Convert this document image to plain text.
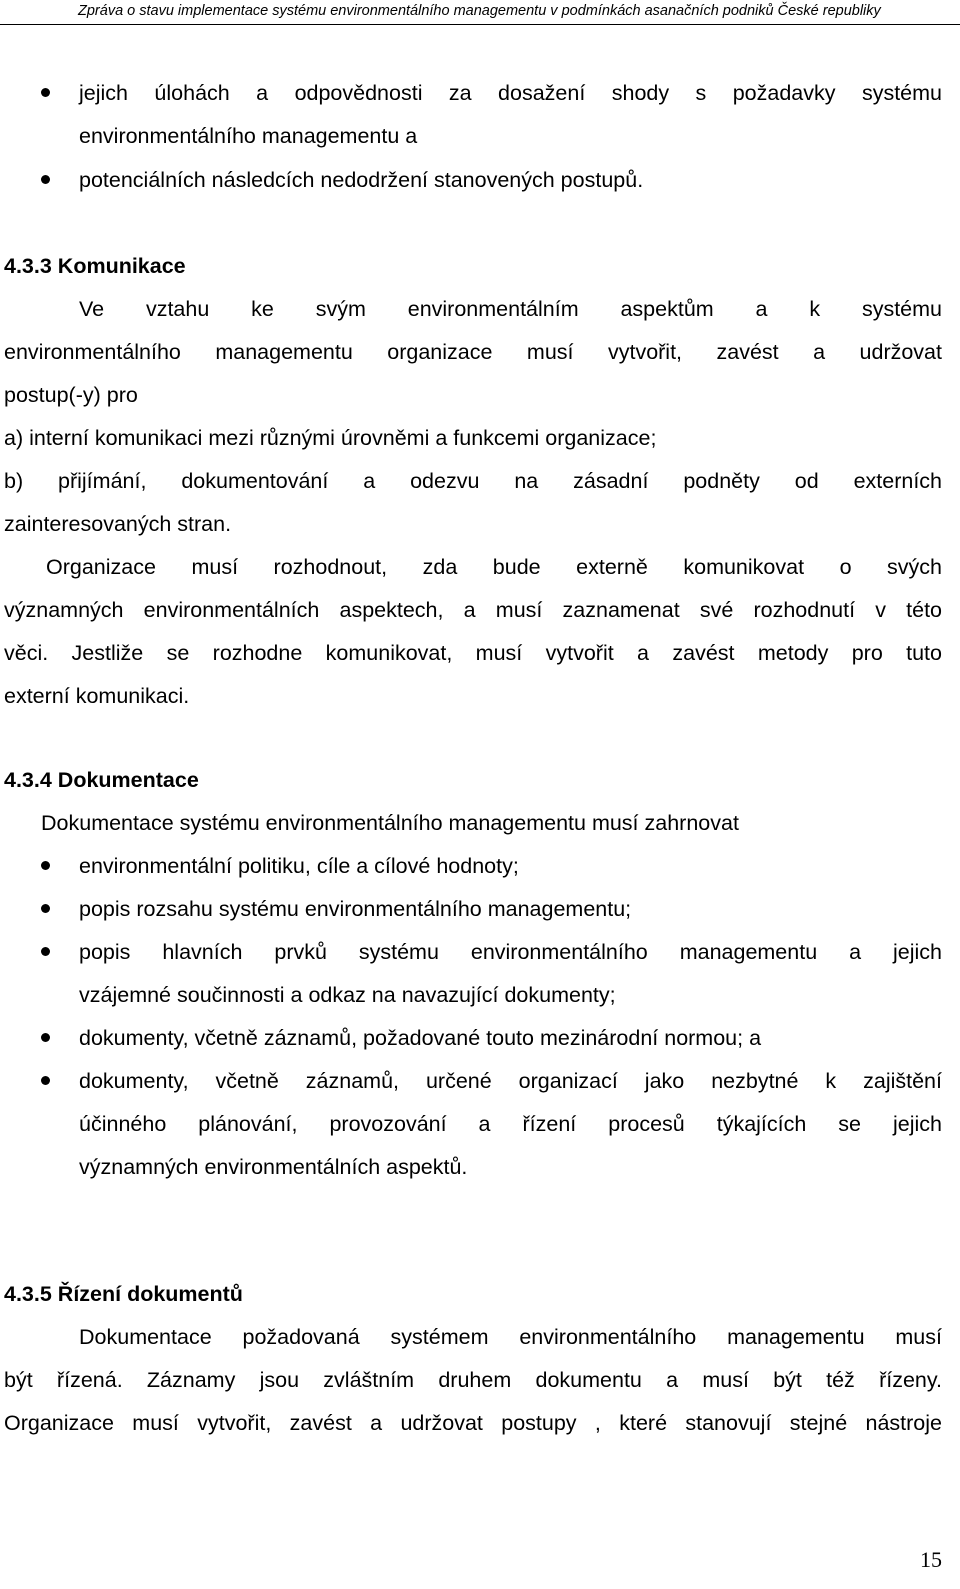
Zpráva o stavu implementace systému environmentálního managementu v podmínkách asanačních podniků České republiky
jejich úlohách a odpovědnosti za dosažení shody s požadavky systému
environmentálního managementu a
potenciálních následcích nedodržení stanovených postupů.
4.3.3 Komunikace
Ve vztahu ke svým environmentálním aspektům a k systému
environmentálního managementu organizace musí vytvořit, zavést a udržovat
postup(-y) pro
a) interní komunikaci mezi různými úrovněmi a funkcemi organizace;
b) přijímání, dokumentování a odezvu na zásadní podněty od externích
zainteresovaných stran.
Organizace musí rozhodnout, zda bude externě komunikovat o svých
významných environmentálních aspektech, a musí zaznamenat své rozhodnutí v této
věci. Jestliže se rozhodne komunikovat, musí vytvořit a zavést metody pro tuto
externí komunikaci.
4.3.4 Dokumentace
Dokumentace systému environmentálního managementu musí zahrnovat
environmentální politiku, cíle a cílové hodnoty;
popis rozsahu systému environmentálního managementu;
popis hlavních prvků systému environmentálního managementu a jejich
vzájemné součinnosti a odkaz na navazující dokumenty;
dokumenty, včetně záznamů, požadované touto mezinárodní normou; a
dokumenty, včetně záznamů, určené organizací jako nezbytné k zajištění
účinného plánování, provozování a řízení procesů týkajících se jejich
významných environmentálních aspektů.
4.3.5 Řízení dokumentů
Dokumentace požadovaná systémem environmentálního managementu musí
být řízená. Záznamy jsou zvláštním druhem dokumentu a musí být též řízeny.
Organizace musí vytvořit, zavést a udržovat postupy , které stanovují stejné nástroje
15
